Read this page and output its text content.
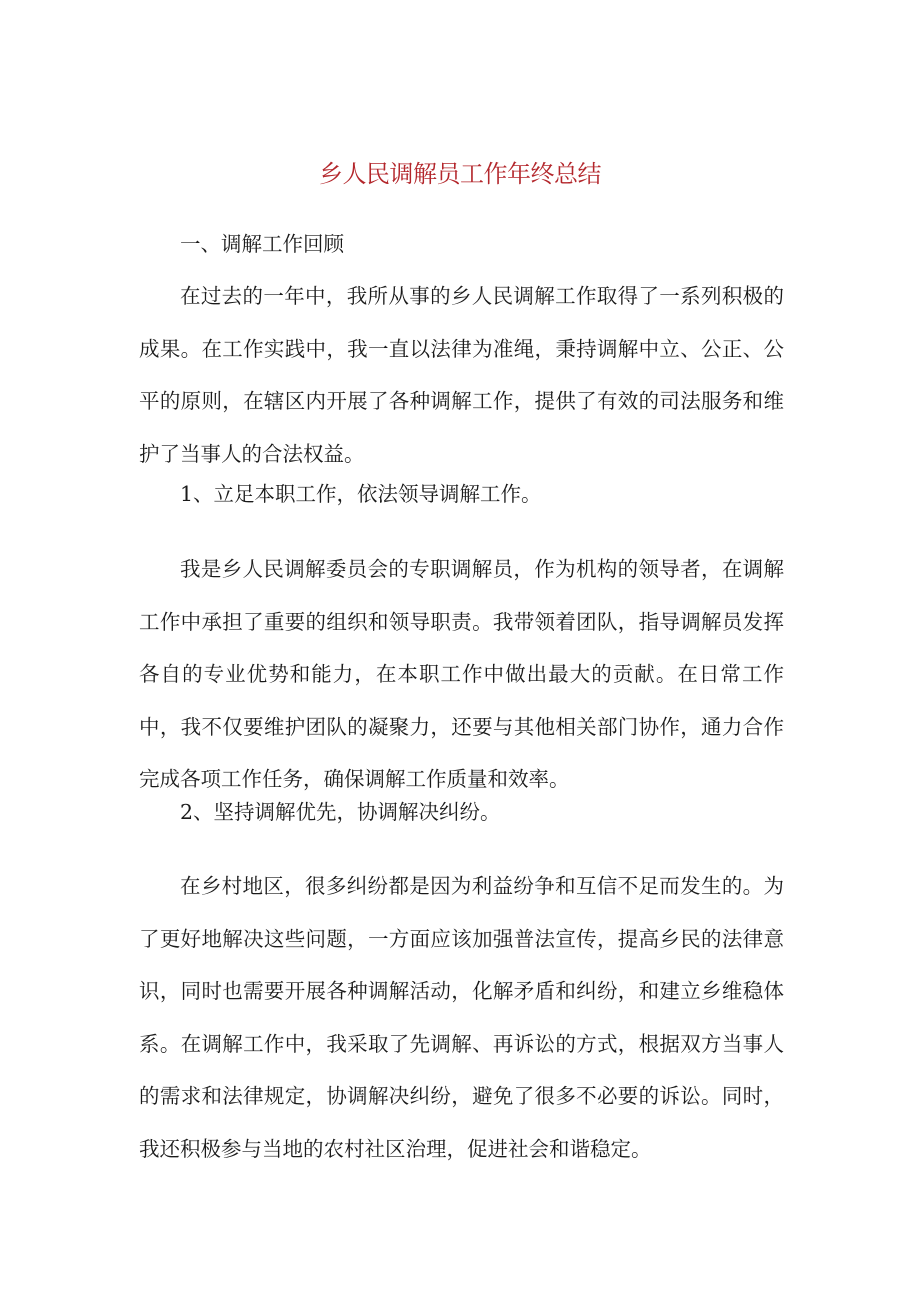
乡人民调解员工作年终总结

一、调解工作回顾

在过去的一年中，我所从事的乡人民调解工作取得了一系列积极的成果。在工作实践中，我一直以法律为准绳，秉持调解中立、公正、公平的原则，在辖区内开展了各种调解工作，提供了有效的司法服务和维护了当事人的合法权益。

1、立足本职工作，依法领导调解工作。

我是乡人民调解委员会的专职调解员，作为机构的领导者，在调解工作中承担了重要的组织和领导职责。我带领着团队，指导调解员发挥各自的专业优势和能力，在本职工作中做出最大的贡献。在日常工作中，我不仅要维护团队的凝聚力，还要与其他相关部门协作，通力合作完成各项工作任务，确保调解工作质量和效率。

2、坚持调解优先，协调解决纠纷。

在乡村地区，很多纠纷都是因为利益纷争和互信不足而发生的。为了更好地解决这些问题，一方面应该加强普法宣传，提高乡民的法律意识，同时也需要开展各种调解活动，化解矛盾和纠纷，和建立乡维稳体系。在调解工作中，我采取了先调解、再诉讼的方式，根据双方当事人的需求和法律规定，协调解决纠纷，避免了很多不必要的诉讼。同时，我还积极参与当地的农村社区治理，促进社会和谐稳定。
